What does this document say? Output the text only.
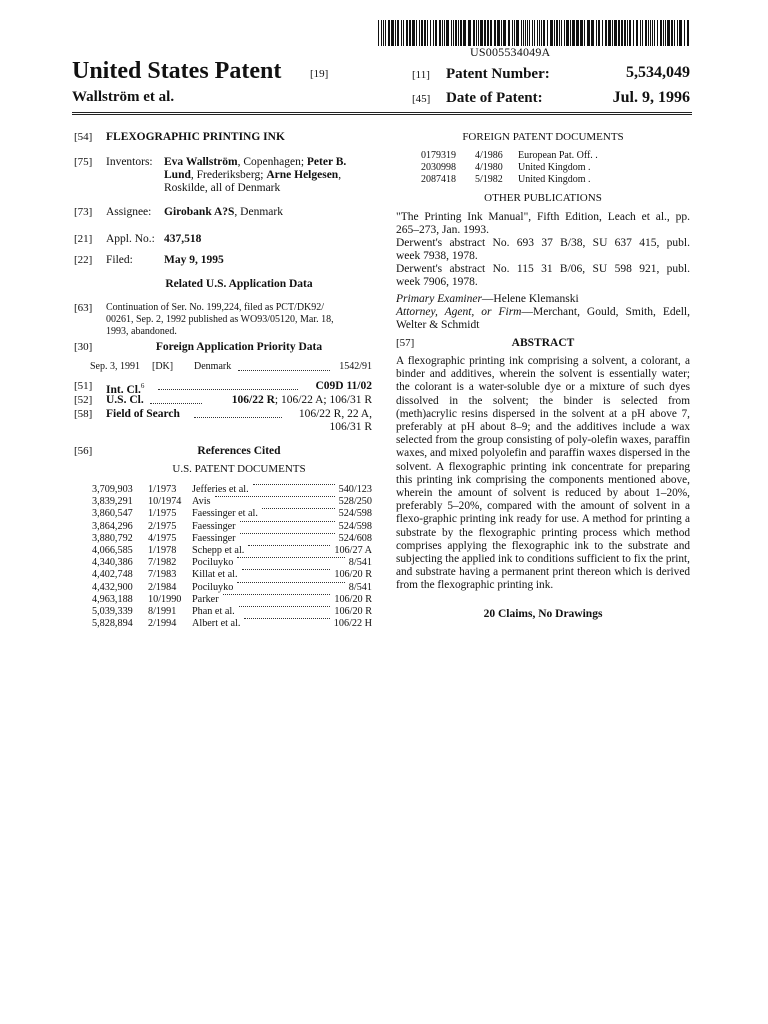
US005534049A
United States Patent	[19]
Wallström et al.
[11] Patent Number:	5,534,049
[45] Date of Patent:	Jul. 9, 1996
[54] FLEXOGRAPHIC PRINTING INK
[75] Inventors: Eva Wallström, Copenhagen; Peter B.
Lund, Frederiksberg; Arne Helgesen,
Roskilde, all of Denmark
[73] Assignee: Girobank A?S, Denmark
[21] Appl. No.: 437,518
[22] Filed:	May 9, 1995
Related U.S. Application Data
[63] Continuation of Ser. No. 199,224, filed as PCT/DK92/
00261, Sep. 2, 1992 published as WO93/05120, Mar. 18,
1993, abandoned.
[30]	Foreign Application Priority Data
Sep. 3, 1991 [DK] Denmark	1542/91
[51] Int. Cl.$^6$	C09D 11/02
[52] U.S. Cl.	106/22 R; 106/22 A; 106/31 R
[58] Field of Search	106/22 R, 22 A,
106/31 R
[56]	References Cited
U.S. PATENT DOCUMENTS
3,709,903 1/1973 Jefferies et al.	540/123
3,839,291 10/1974 Avis	528/250
3,860,547 1/1975 Faessinger et al.	524/598
3,864,296 2/1975 Faessinger	524/598
3,880,792 4/1975 Faessinger	524/608
4,066,585 1/1978 Schepp et al.	106/27 A
4,340,386 7/1982 Pociluyko	8/541
4,402,748 7/1983 Killat et al.	106/20 R
4,432,900 2/1984 Pociluyko	8/541
4,963,188 10/1990 Parker	106/20 R
5,039,339 8/1991 Phan et al.	106/20 R
5,828,894 2/1994 Albert et al.	106/22 H
FOREIGN PATENT DOCUMENTS
0179319 4/1986 European Pat. Off. .
2030998 4/1980 United Kingdom .
2087418 5/1982 United Kingdom .
OTHER PUBLICATIONS
"The Printing Ink Manual", Fifth Edition, Leach et al., pp.
265–273, Jan. 1993.
Derwent's abstract No. 693 37 B/38, SU 637 415, publ.
week 7938, 1978.
Derwent's abstract No. 115 31 B/06, SU 598 921, publ.
week 7906, 1978.
Primary Examiner—Helene Klemanski
Attorney, Agent, or Firm—Merchant, Gould, Smith, Edell,
Welter & Schmidt
[57]	ABSTRACT
A flexographic printing ink comprising a solvent, a colorant, a binder and additives, wherein the solvent is essentially water; the colorant is a water-soluble dye or a mixture of such dyes dissolved in the solvent; the binder is selected from (meth)acrylic resins dispersed in the solvent at a pH above 7, preferably at pH about 8–9; and the additives include a wax selected from the group consisting of poly-olefin waxes, paraffin waxes, and mixed polyolefin and paraffin waxes dispersed in the solvent. A flexographic printing ink concentrate for preparing this printing ink comprising the components mentioned above, wherein the amount of solvent is reduced by about 1–20%, preferably 5–20%, compared with the amount of solvent in a flexo-graphic printing ink ready for use. A method for printing a substrate by the flexographic printing process which method comprises applying the flexographic ink to the substrate and subjecting the applied ink to conditions sufficient to fix the print, and substrate having a permanent print thereon which is derived from the flexographic printing ink.
20 Claims, No Drawings
